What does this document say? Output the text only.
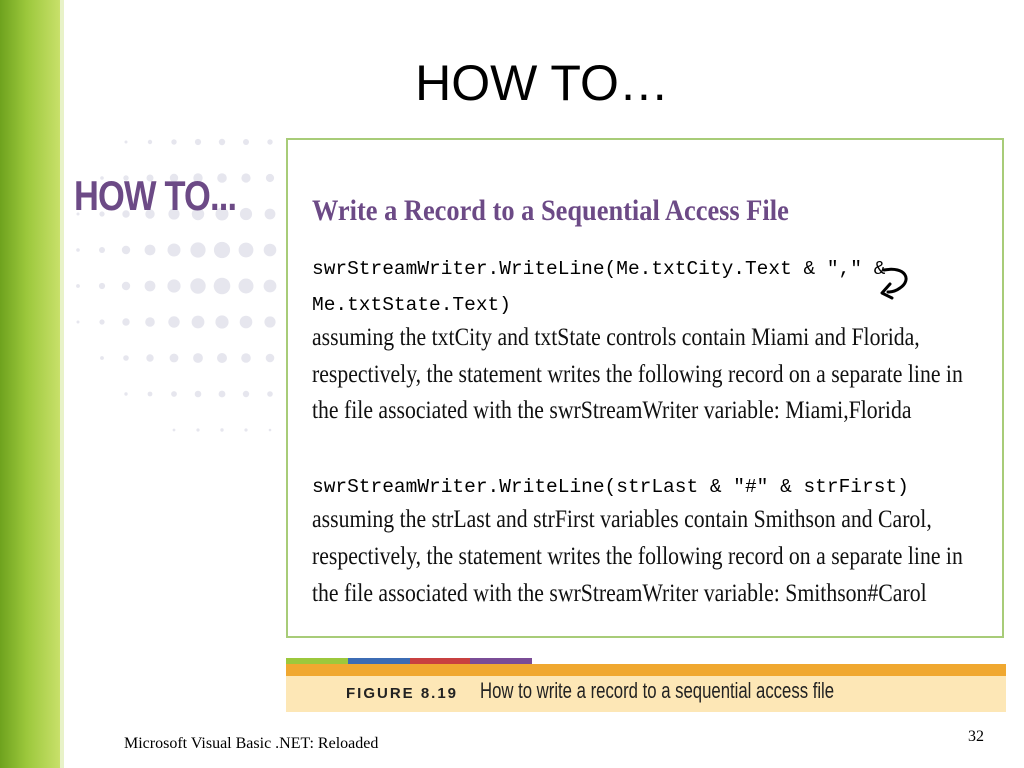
HOW TO…
HOW TO...	Write a Record to a Sequential Access File
swrStreamWriter.WriteLine(Me.txtCity.Text & "," &
Me.txtState.Text)
assuming the txtCity and txtState controls contain Miami and Florida,
respectively, the statement writes the following record on a separate line in
the file associated with the swrStreamWriter variable: Miami,Florida
swrStreamWriter.WriteLine(strLast & "#" & strFirst)
assuming the strLast and strFirst variables contain Smithson and Carol,
respectively, the statement writes the following record on a separate line in
the file associated with the swrStreamWriter variable: Smithson#Carol
FIGURE 8.19 How to write a record to a sequential access file
Microsoft Visual Basic .NET: Reloaded	32
